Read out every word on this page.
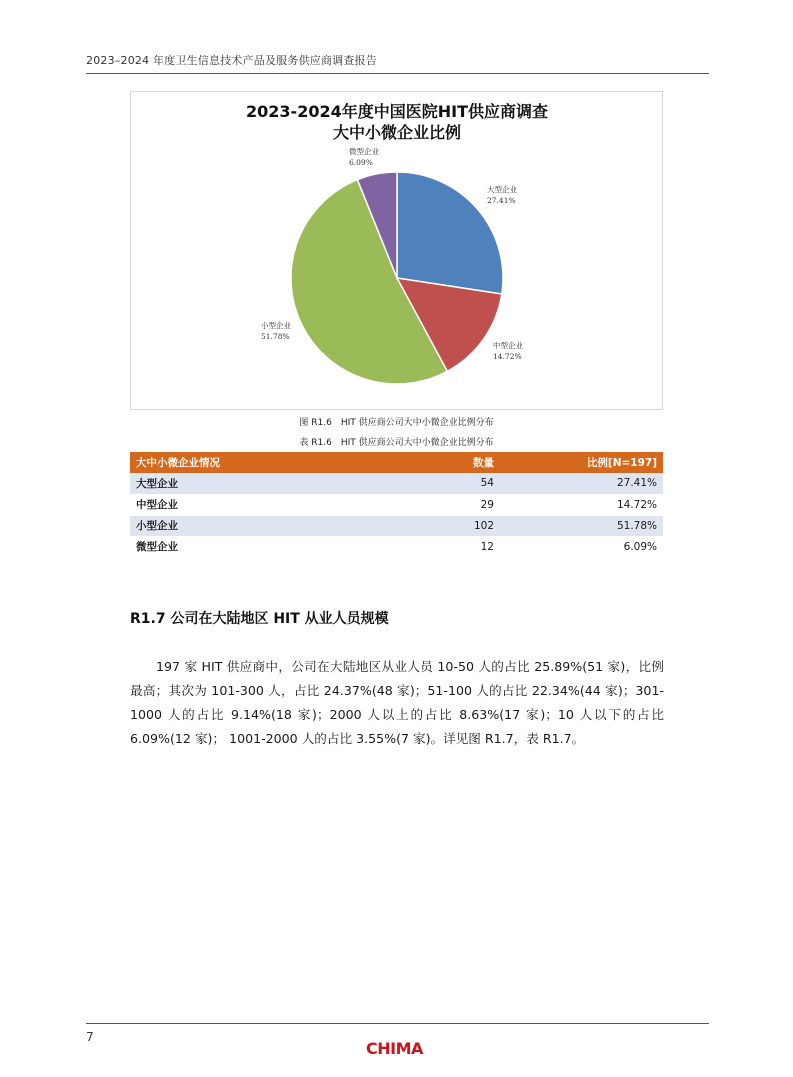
2023–2024 年度卫生信息技术产品及服务供应商调查报告
2023-2024年度中国医院HIT供应商调查
大中小微企业比例
大型企业
27.41%
中型企业
14.72%
小型企业
51.78%
微型企业
6.09%
图 R1.6　HIT 供应商公司大中小微企业比例分布
表 R1.6　HIT 供应商公司大中小微企业比例分布
大中小微企业情况	数量	比例[N=197]
大型企业	54	27.41%
中型企业	29	14.72%
小型企业	102	51.78%
微型企业	12	6.09%
R1.7 公司在大陆地区 HIT 从业人员规模

197 家 HIT 供应商中，公司在大陆地区从业人员 10-50 人的占比 25.89%(51 家)，比例最高；其次为 101-300 人，占比 24.37%(48 家)；51-100 人的占比 22.34%(44 家)；301-1000 人的占比 9.14%(18 家)；2000 人以上的占比 8.63%(17 家)；10 人以下的占比 6.09%(12 家)； 1001-2000 人的占比 3.55%(7 家)。详见图 R1.7，表 R1.7。

7
CHIMA
